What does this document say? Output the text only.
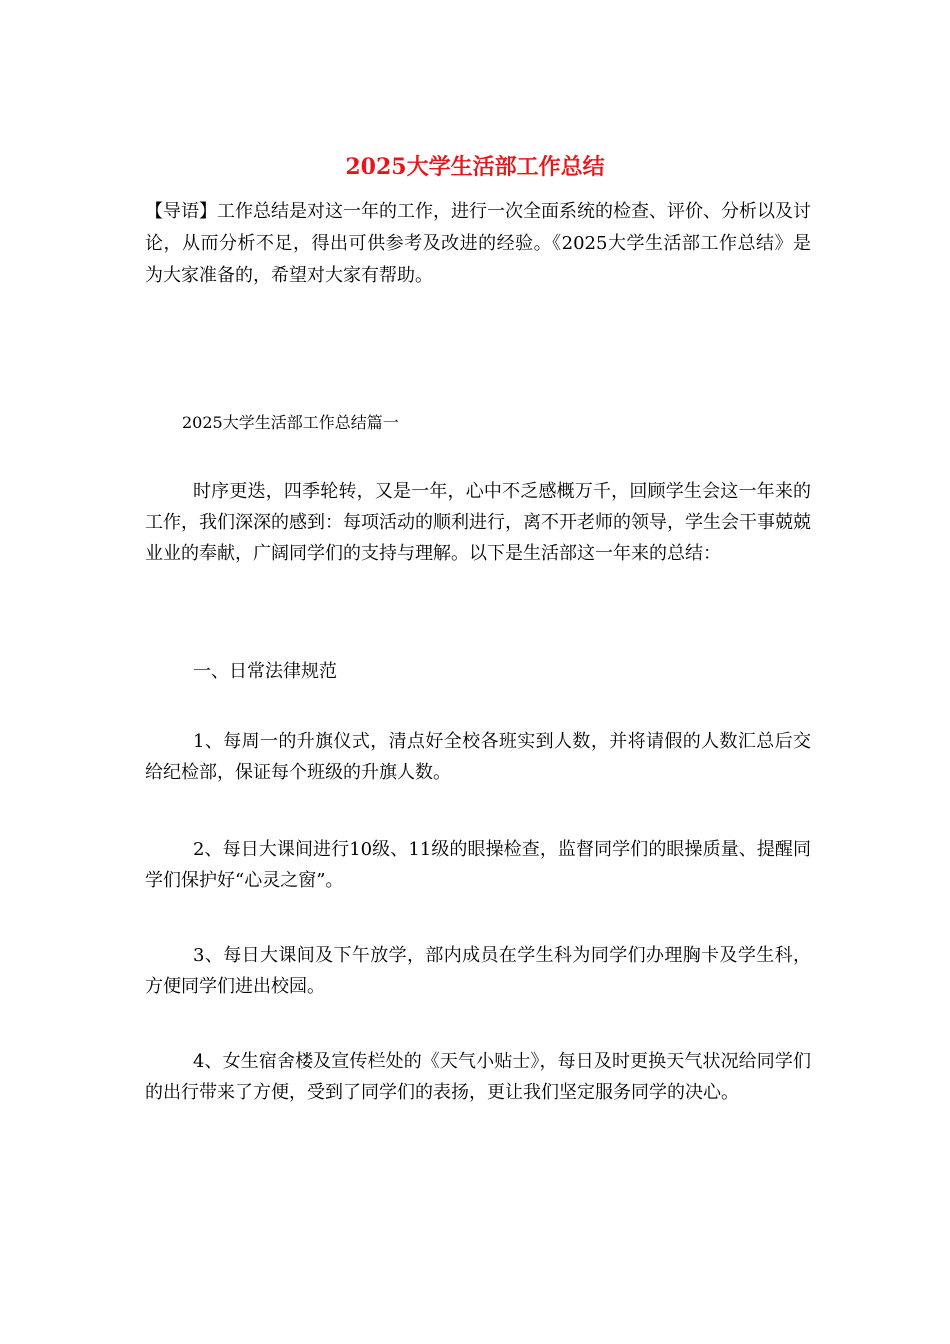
2025大学生活部工作总结
【导语】工作总结是对这一年的工作，进行一次全面系统的检查、评价、分析以及讨论，从而分析不足，得出可供参考及改进的经验。《2025大学生活部工作总结》是为大家准备的，希望对大家有帮助。
2025大学生活部工作总结篇一
时序更迭，四季轮转，又是一年，心中不乏感概万千，回顾学生会这一年来的工作，我们深深的感到：每项活动的顺利进行，离不开老师的领导，学生会干事兢兢业业的奉献，广阔同学们的支持与理解。以下是生活部这一年来的总结：
一、日常法律规范
1、每周一的升旗仪式，清点好全校各班实到人数，并将请假的人数汇总后交给纪检部，保证每个班级的升旗人数。
2、每日大课间进行10级、11级的眼操检查，监督同学们的眼操质量、提醒同学们保护好“心灵之窗”。
3、每日大课间及下午放学，部内成员在学生科为同学们办理胸卡及学生科，方便同学们进出校园。
4、女生宿舍楼及宣传栏处的《天气小贴士》，每日及时更换天气状况给同学们的出行带来了方便，受到了同学们的表扬，更让我们坚定服务同学的决心。
